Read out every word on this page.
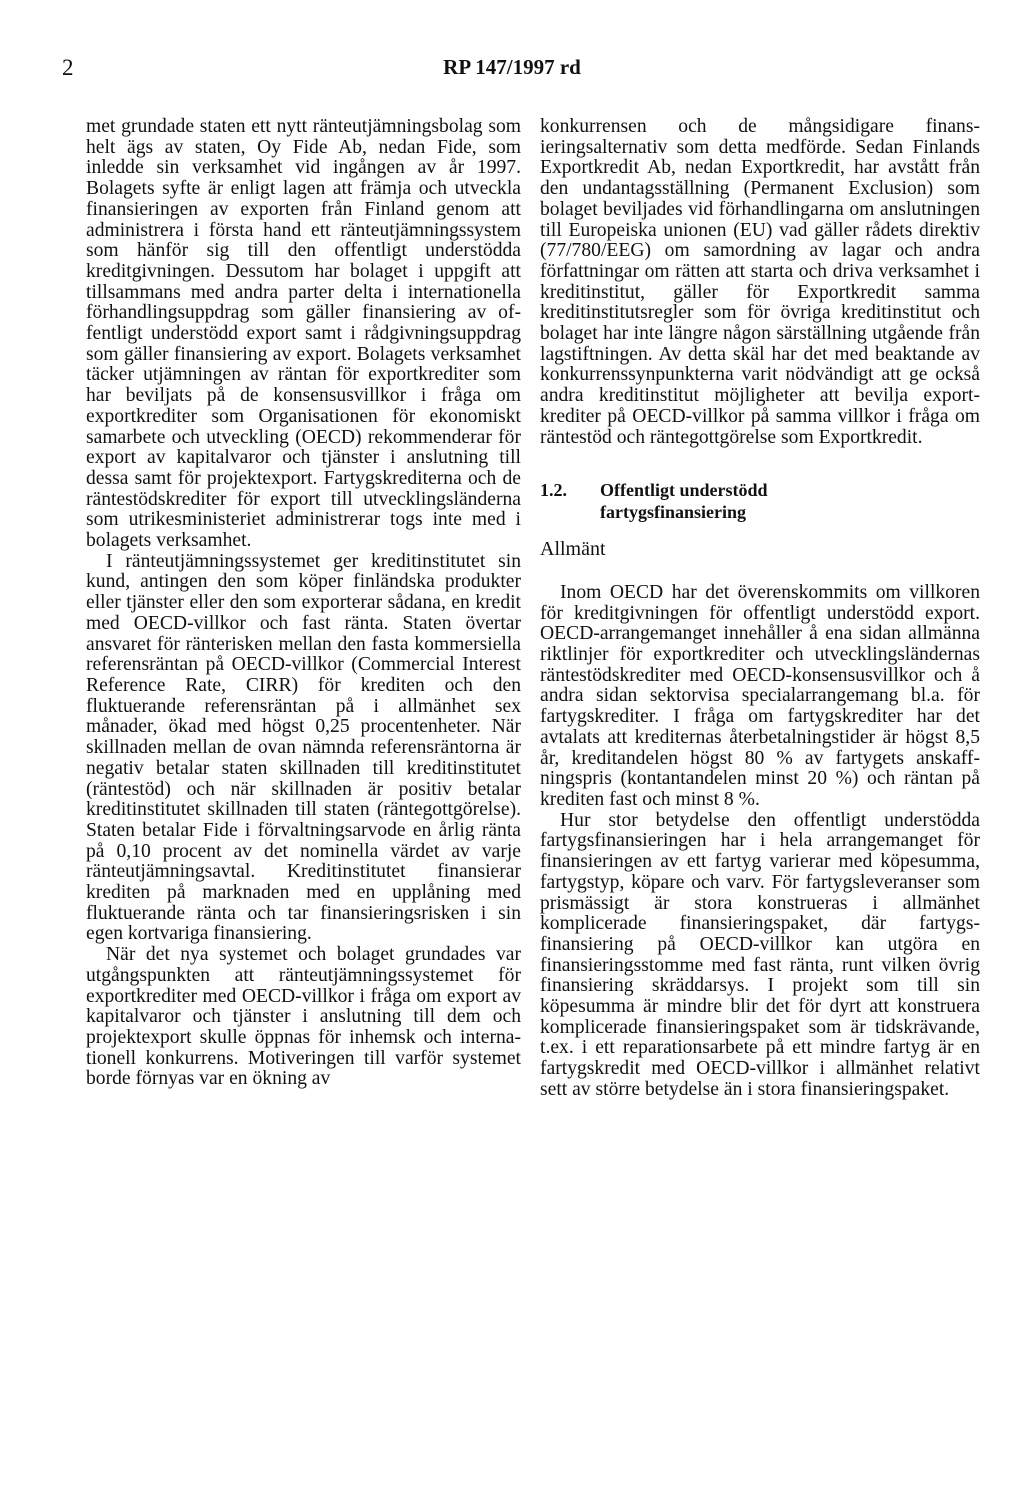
2	RP 147/1997 rd

met grundade staten ett nytt ränteutjämningsbolag som helt ägs av staten, Oy Fide Ab, nedan Fide, som inledde sin verksamhet vid ingången av år 1997. Bolagets syfte är enligt lagen att främja och utveckla finansieringen av exporten från Finland genom att administrera i första hand ett ränteutjämningssystem som hänför sig till den offentligt understödda kreditgivningen. Dessutom har bolaget i uppgift att tillsammans med andra parter delta i internationella förhandlingsuppdrag som gäller finansiering av offentligt understödd export samt i rådgivningsuppdrag som gäller finansiering av export. Bolagets verksamhet täcker utjämningen av räntan för exportkrediter som har beviljats på de konsensusvillkor i fråga om exportkrediter som Organisationen för ekonomiskt samarbete och utveckling (OECD) rekommenderar för export av kapitalvaror och tjänster i anslutning till dessa samt för projektexport. Fartygskrediterna och de räntestödskrediter för export till utvecklingsländerna som utrikesministeriet administrerar togs inte med i bolagets verksamhet.

I ränteutjämningssystemet ger kreditinstitutet sin kund, antingen den som köper finländska produkter eller tjänster eller den som exporterar sådana, en kredit med OECD-villkor och fast ränta. Staten övertar ansvaret för ränterisken mellan den fasta kommersiella referensräntan på OECD-villkor (Commercial Interest Reference Rate, CIRR) för krediten och den fluktuerande referensräntan på i allmänhet sex månader, ökad med högst 0,25 procentenheter. När skillnaden mellan de ovan nämnda referensräntorna är negativ betalar staten skillnaden till kreditinstitutet (räntestöd) och när skillnaden är positiv betalar kreditinstitutet skillnaden till staten (räntegottgörelse). Staten betalar Fide i förvaltningsarvode en årlig ränta på 0,10 procent av det nominella värdet av varje ränteutjämningsavtal. Kreditinstitutet finansierar krediten på marknaden med en upplåning med fluktuerande ränta och tar finansieringsrisken i sin egen kortvariga finansiering.

När det nya systemet och bolaget grundades var utgångspunkten att ränteutjämningssystemet för exportkrediter med OECD-villkor i fråga om export av kapitalvaror och tjänster i anslutning till dem och projektexport skulle öppnas för inhemsk och internationell konkurrens. Motiveringen till varför systemet borde förnyas var en ökning av

konkurrensen och de mångsidigare finansieringsalternativ som detta medförde. Sedan Finlands Exportkredit Ab, nedan Exportkredit, har avstått från den undantagsställning (Permanent Exclusion) som bolaget beviljades vid förhandlingarna om anslutningen till Europeiska unionen (EU) vad gäller rådets direktiv (77/780/EEG) om samordning av lagar och andra författningar om rätten att starta och driva verksamhet i kreditinstitut, gäller för Exportkredit samma kreditinstitutsregler som för övriga kreditinstitut och bolaget har inte längre någon särställning utgående från lagstiftningen. Av detta skäl har det med beaktande av konkurrenssynpunkterna varit nödvändigt att ge också andra kreditinstitut möjligheter att bevilja exportkrediter på OECD-villkor på samma villkor i fråga om räntestöd och räntegottgörelse som Exportkredit.

1.2.	Offentligt understödd fartygsfinansiering
Allmänt

Inom OECD har det överenskommits om villkoren för kreditgivningen för offentligt understödd export. OECD-arrangemanget innehåller å ena sidan allmänna riktlinjer för exportkrediter och utvecklingsländernas räntestödskrediter med OECD-konsensusvillkor och å andra sidan sektorvisa specialarrangemang bl.a. för fartygskrediter. I fråga om fartygskrediter har det avtalats att krediternas återbetalningstider är högst 8,5 år, kreditandelen högst 80 % av fartygets anskaffningspris (kontantandelen minst 20 %) och räntan på krediten fast och minst 8 %.

Hur stor betydelse den offentligt understödda fartygsfinansieringen har i hela arrangemanget för finansieringen av ett fartyg varierar med köpesumma, fartygstyp, köpare och varv. För fartygsleveranser som prismässigt är stora konstrueras i allmänhet komplicerade finansieringspaket, där fartygsfinansiering på OECD-villkor kan utgöra en finansieringsstomme med fast ränta, runt vilken övrig finansiering skräddarsys. I projekt som till sin köpesumma är mindre blir det för dyrt att konstruera komplicerade finansieringspaket som är tidskrävande, t.ex. i ett reparationsarbete på ett mindre fartyg är en fartygskredit med OECD-villkor i allmänhet relativt sett av större betydelse än i stora finansieringspaket.
